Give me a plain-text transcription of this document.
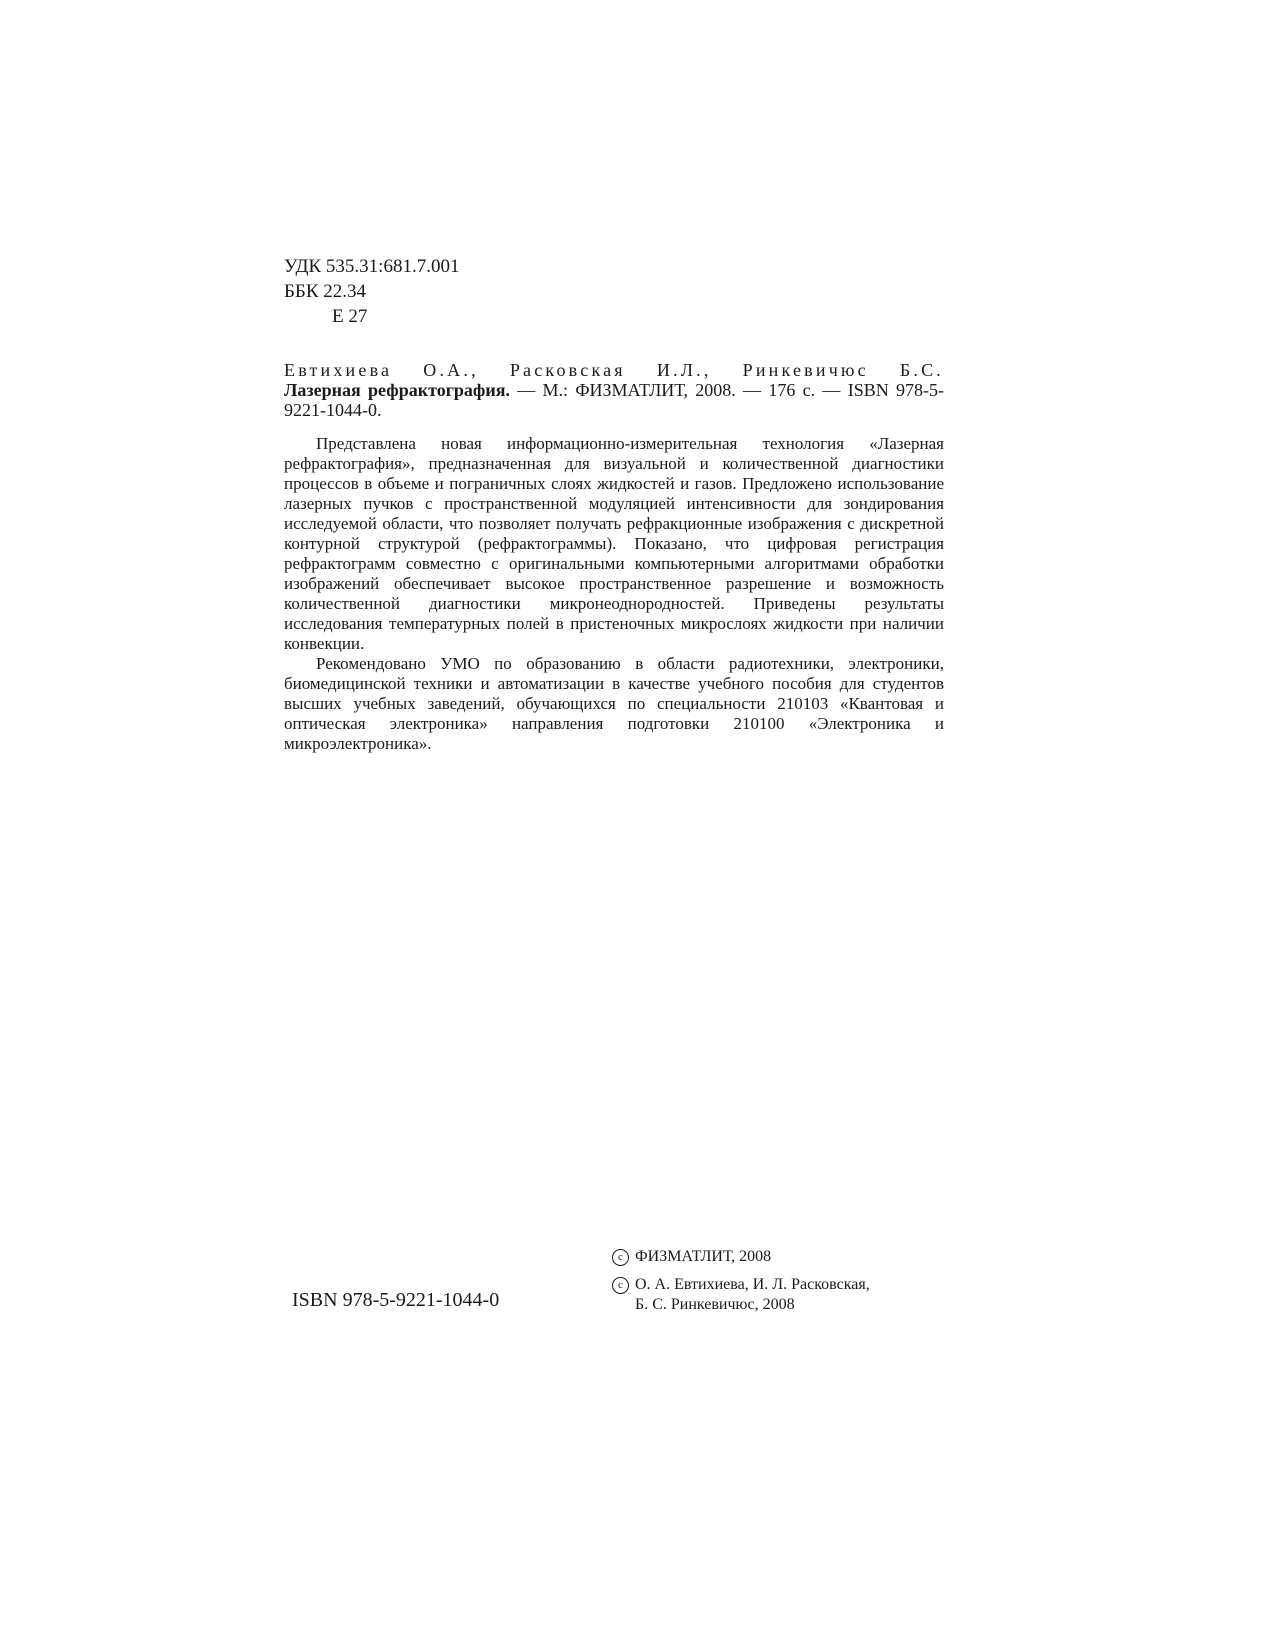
УДК 535.31:681.7.001
ББК 22.34
Е 27
Евтихиева О.А., Расковская И.Л., Ринкевичюс Б.С.
Лазерная рефрактография. — М.: ФИЗМАТЛИТ, 2008. — 176 с. — ISBN 978-5-9221-1044-0.

Представлена новая информационно-измерительная технология «Лазерная рефрактография», предназначенная для визуальной и количественной диагностики процессов в объеме и пограничных слоях жидкостей и газов. Предложено использование лазерных пучков с пространственной модуляцией интенсивности для зондирования исследуемой области, что позволяет получать рефракционные изображения с дискретной контурной структурой (рефрактограммы). Показано, что цифровая регистрация рефрактограмм совместно с оригинальными компьютерными алгоритмами обработки изображений обеспечивает высокое пространственное разрешение и возможность количественной диагностики микронеоднородностей. Приведены результаты исследования температурных полей в пристеночных микрослоях жидкости при наличии конвекции.

Рекомендовано УМО по образованию в области радиотехники, электроники, биомедицинской техники и автоматизации в качестве учебного пособия для студентов высших учебных заведений, обучающихся по специальности 210103 «Квантовая и оптическая электроника» направления подготовки 210100 «Электроника и микроэлектроника».

ISBN 978-5-9221-1044-0
c ФИЗМАТЛИТ, 2008
c О. А. Евтихиева, И. Л. Расковская,
Б. С. Ринкевичюс, 2008
